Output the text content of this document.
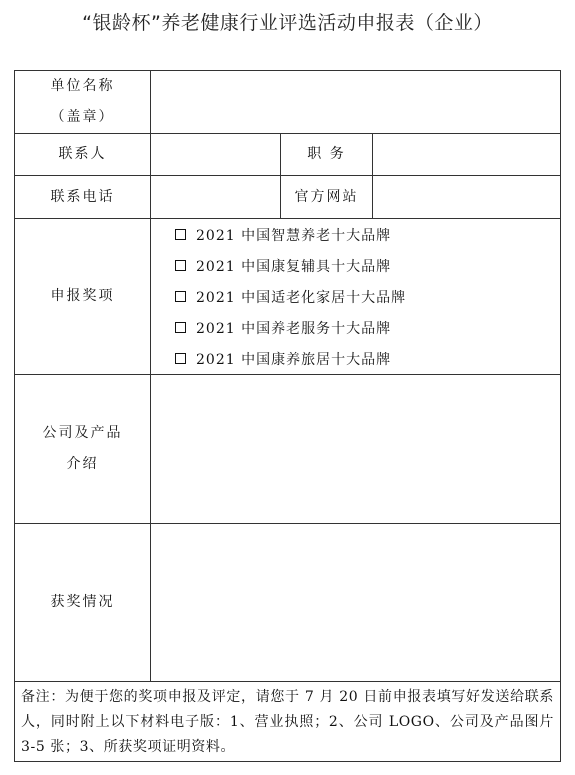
“银龄杯”养老健康行业评选活动申报表（企业）
单位名称
（盖章）			

联系人		职 务	
联系电话		官方网站	
申报奖项	2021 中国智慧养老十大品牌
2021 中国康复辅具十大品牌
2021 中国适老化家居十大品牌
2021 中国养老服务十大品牌
2021 中国康养旅居十大品牌		

公司及产品
介绍			

获奖情况			
备注：为便于您的奖项申报及评定，请您于 7 月 20 日前申报表填写好发送给联系人，同时附上以下材料电子版：1、营业执照；2、公司 LOGO、公司及产品图片 3-5 张；3、所获奖项证明资料。			
